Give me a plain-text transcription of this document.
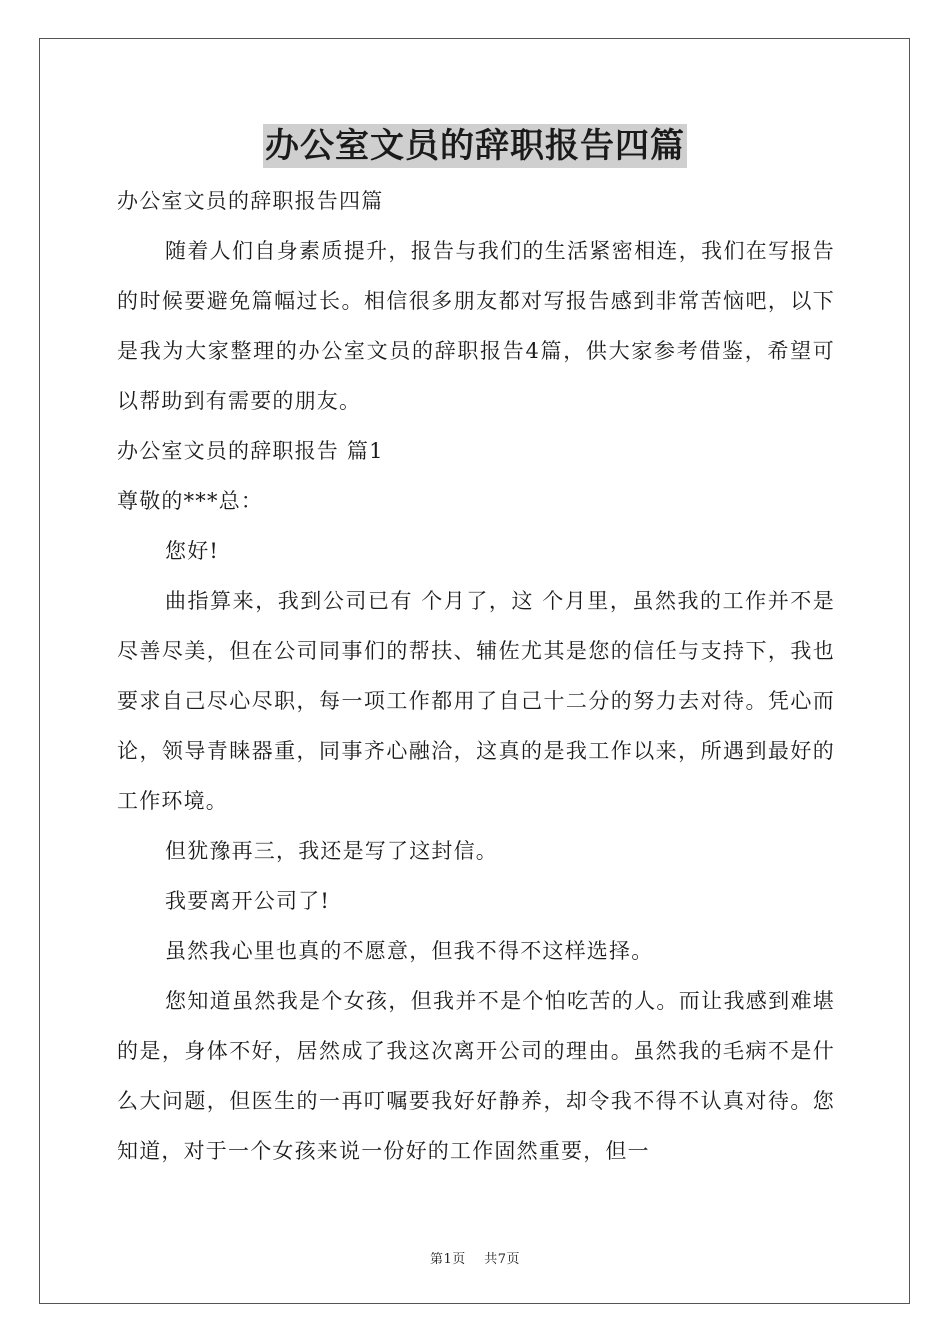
办公室文员的辞职报告四篇

办公室文员的辞职报告四篇

随着人们自身素质提升，报告与我们的生活紧密相连，我们在写报告的时候要避免篇幅过长。相信很多朋友都对写报告感到非常苦恼吧，以下是我为大家整理的办公室文员的辞职报告4篇，供大家参考借鉴，希望可以帮助到有需要的朋友。

办公室文员的辞职报告 篇1

尊敬的***总：

您好!

曲指算来，我到公司已有 个月了，这 个月里，虽然我的工作并不是尽善尽美，但在公司同事们的帮扶、辅佐尤其是您的信任与支持下，我也要求自己尽心尽职，每一项工作都用了自己十二分的努力去对待。凭心而论，领导青睐器重，同事齐心融洽，这真的是我工作以来，所遇到最好的工作环境。

但犹豫再三，我还是写了这封信。

我要离开公司了!

虽然我心里也真的不愿意，但我不得不这样选择。

您知道虽然我是个女孩，但我并不是个怕吃苦的人。而让我感到难堪的是，身体不好，居然成了我这次离开公司的理由。虽然我的毛病不是什么大问题，但医生的一再叮嘱要我好好静养，却令我不得不认真对待。您知道，对于一个女孩来说一份好的工作固然重要，但一

第1页 共7页
